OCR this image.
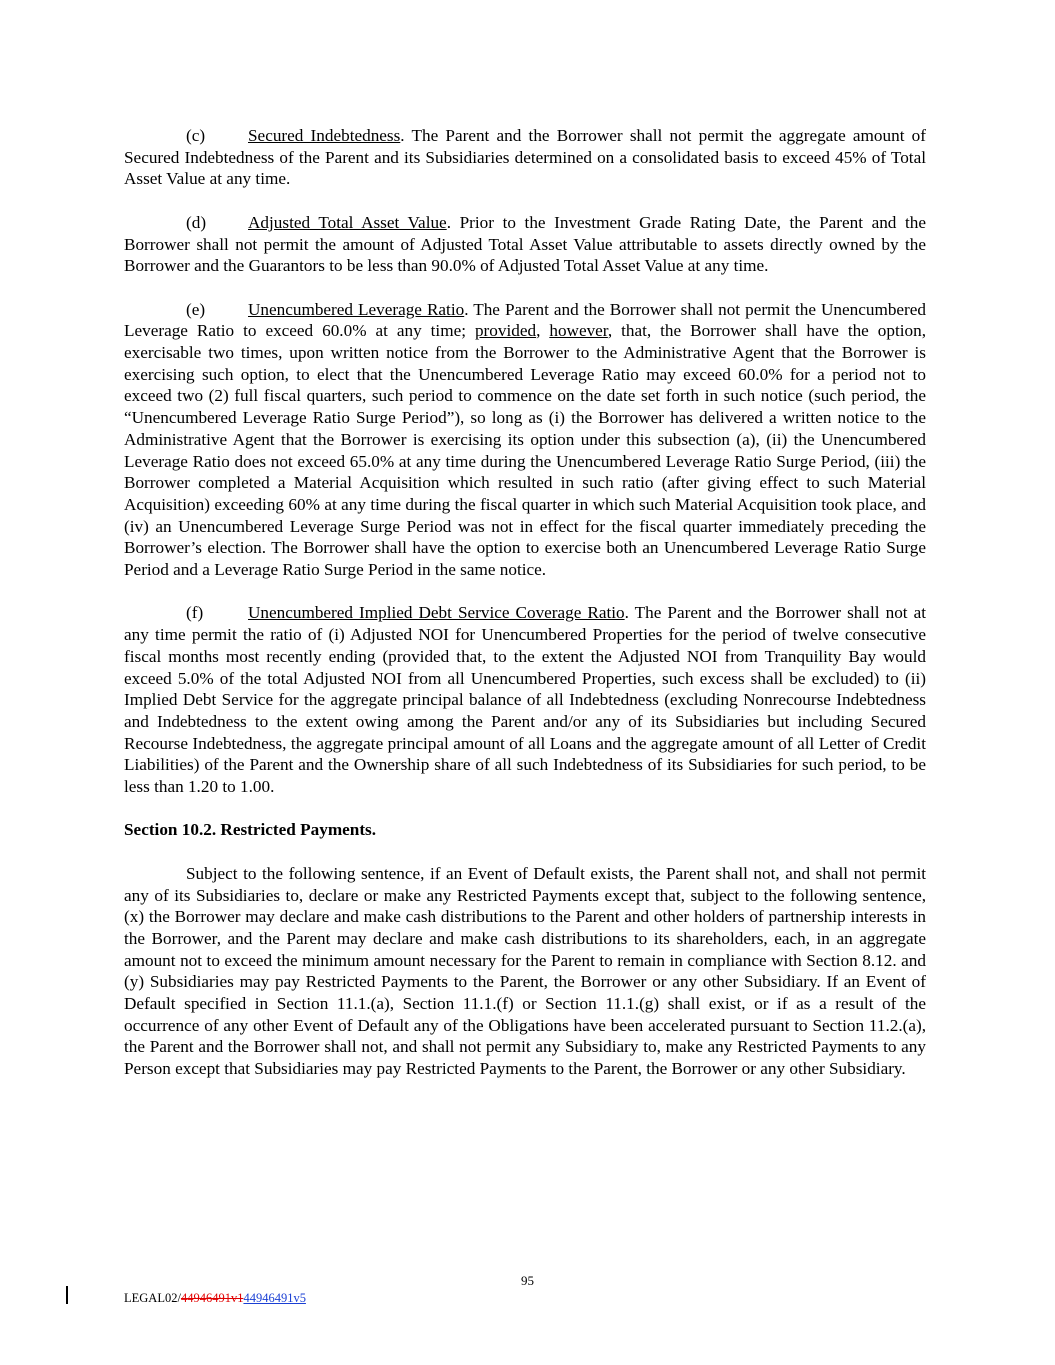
(c) Secured Indebtedness. The Parent and the Borrower shall not permit the aggregate amount of Secured Indebtedness of the Parent and its Subsidiaries determined on a consolidated basis to exceed 45% of Total Asset Value at any time.

(d) Adjusted Total Asset Value. Prior to the Investment Grade Rating Date, the Parent and the Borrower shall not permit the amount of Adjusted Total Asset Value attributable to assets directly owned by the Borrower and the Guarantors to be less than 90.0% of Adjusted Total Asset Value at any time.

(e) Unencumbered Leverage Ratio. The Parent and the Borrower shall not permit the Unencumbered Leverage Ratio to exceed 60.0% at any time; provided, however, that, the Borrower shall have the option, exercisable two times, upon written notice from the Borrower to the Administrative Agent that the Borrower is exercising such option, to elect that the Unencumbered Leverage Ratio may exceed 60.0% for a period not to exceed two (2) full fiscal quarters, such period to commence on the date set forth in such notice (such period, the “Unencumbered Leverage Ratio Surge Period”), so long as (i) the Borrower has delivered a written notice to the Administrative Agent that the Borrower is exercising its option under this subsection (a), (ii) the Unencumbered Leverage Ratio does not exceed 65.0% at any time during the Unencumbered Leverage Ratio Surge Period, (iii) the Borrower completed a Material Acquisition which resulted in such ratio (after giving effect to such Material Acquisition) exceeding 60% at any time during the fiscal quarter in which such Material Acquisition took place, and (iv) an Unencumbered Leverage Surge Period was not in effect for the fiscal quarter immediately preceding the Borrower’s election. The Borrower shall have the option to exercise both an Unencumbered Leverage Ratio Surge Period and a Leverage Ratio Surge Period in the same notice.

(f)	Unencumbered Implied Debt Service Coverage Ratio. The Parent and the Borrower shall not at any time permit the ratio of (i) Adjusted NOI for Unencumbered Properties for the period of twelve consecutive fiscal months most recently ending (provided that, to the extent the Adjusted NOI from Tranquility Bay would exceed 5.0% of the total Adjusted NOI from all Unencumbered Properties, such excess shall be excluded) to (ii) Implied Debt Service for the aggregate principal balance of all Indebtedness (excluding Nonrecourse Indebtedness and Indebtedness to the extent owing among the Parent and/or any of its Subsidiaries but including Secured Recourse Indebtedness, the aggregate principal amount of all Loans and the aggregate amount of all Letter of Credit Liabilities) of the Parent and the Ownership share of all such Indebtedness of its Subsidiaries for such period, to be less than 1.20 to 1.00.

Section 10.2. Restricted Payments.

Subject to the following sentence, if an Event of Default exists, the Parent shall not, and shall not permit any of its Subsidiaries to, declare or make any Restricted Payments except that, subject to the following sentence, (x) the Borrower may declare and make cash distributions to the Parent and other holders of partnership interests in the Borrower, and the Parent may declare and make cash distributions to its shareholders, each, in an aggregate amount not to exceed the minimum amount necessary for the Parent to remain in compliance with Section 8.12. and (y) Subsidiaries may pay Restricted Payments to the Parent, the Borrower or any other Subsidiary. If an Event of Default specified in Section 11.1.(a), Section 11.1.(f) or Section 11.1.(g) shall exist, or if as a result of the occurrence of any other Event of Default any of the Obligations have been accelerated pursuant to Section 11.2.(a), the Parent and the Borrower shall not, and shall not permit any Subsidiary to, make any Restricted Payments to any Person except that Subsidiaries may pay Restricted Payments to the Parent, the Borrower or any other Subsidiary.

95
LEGAL02/44946491v144946491v5
